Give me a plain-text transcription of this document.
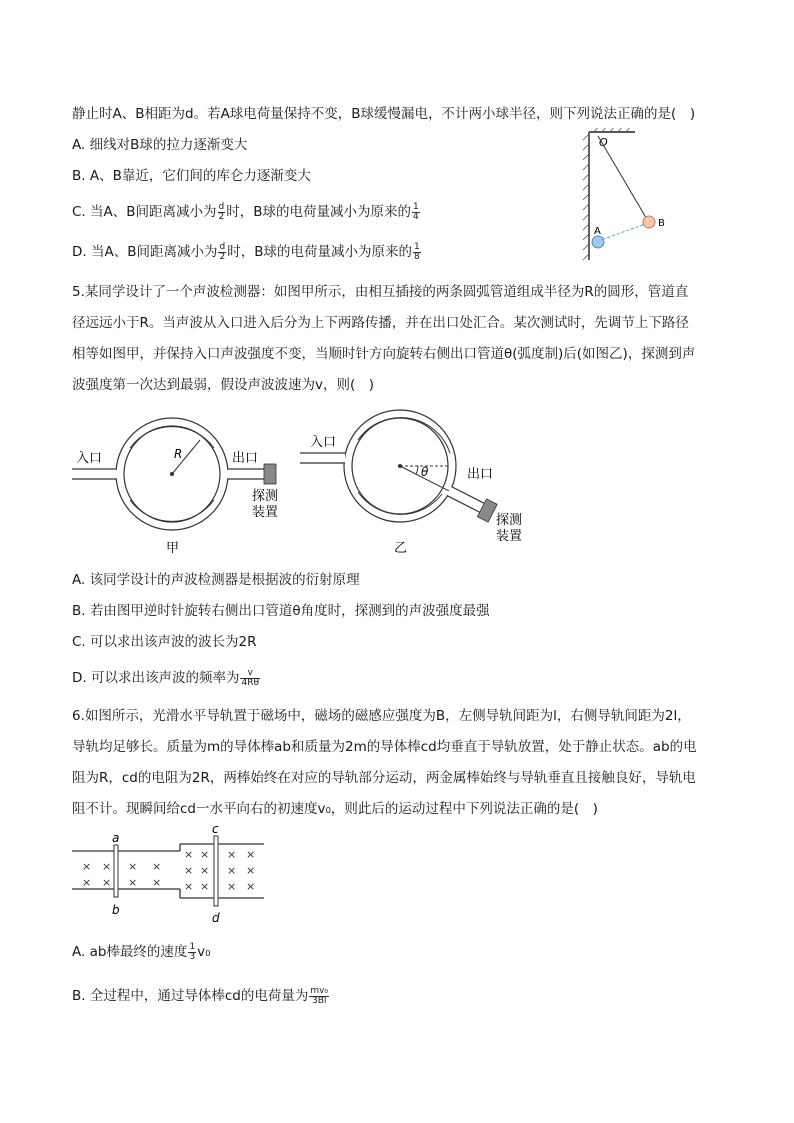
静止时A、B相距为d。若A球电荷量保持不变，B球缓慢漏电，不计两小球半径，则下列说法正确的是(　)
A. 细线对B球的拉力逐渐变大
B. A、B靠近，它们间的库仑力逐渐变大
C. 当A、B间距离减小为 $\frac{d}{2}$ 时，B球的电荷量减小为原来的 $\frac{1}{4}$
D. 当A、B间距离减小为 $\frac{d}{2}$ 时，B球的电荷量减小为原来的 $\frac{1}{8}$
O
A
B
5.某同学设计了一个声波检测器：如图甲所示，由相互插接的两条圆弧管道组成半径为R的圆形，管道直
径远远小于R。当声波从入口进入后分为上下两路传播，并在出口处汇合。某次测试时，先调节上下路径
相等如图甲，并保持入口声波强度不变，当顺时针方向旋转右侧出口管道θ(弧度制)后(如图乙)，探测到声
波强度第一次达到最弱，假设声波波速为v，则(　)
R
入口	出口
探测
装置
甲
θ
入口
出口
探测
装置
乙
A. 该同学设计的声波检测器是根据波的衍射原理
B. 若由图甲逆时针旋转右侧出口管道θ角度时，探测到的声波强度最强
C. 可以求出该声波的波长为2R
D. 可以求出该声波的频率为 $\frac{v}{4R\theta}$
6.如图所示，光滑水平导轨置于磁场中，磁场的磁感应强度为B，左侧导轨间距为l，右侧导轨间距为2l，
导轨均足够长。质量为m的导体棒ab和质量为2m的导体棒cd均垂直于导轨放置，处于静止状态。ab的电
阻为R，cd的电阻为2R，两棒始终在对应的导轨部分运动，两金属棒始终与导轨垂直且接触良好，导轨电
阻不计。现瞬间给cd一水平向右的初速度v₀，则此后的运动过程中下列说法正确的是(　)
×
×
×
×
×
×
×
×
×
×
×
×
×
×
×
×
×
×
×
×
a
b
c
d
A. ab棒最终的速度 $\frac{1}{3} v_0$
B. 全过程中，通过导体棒cd的电荷量为 $\frac{\text{mv₀}}{3Bl}$
